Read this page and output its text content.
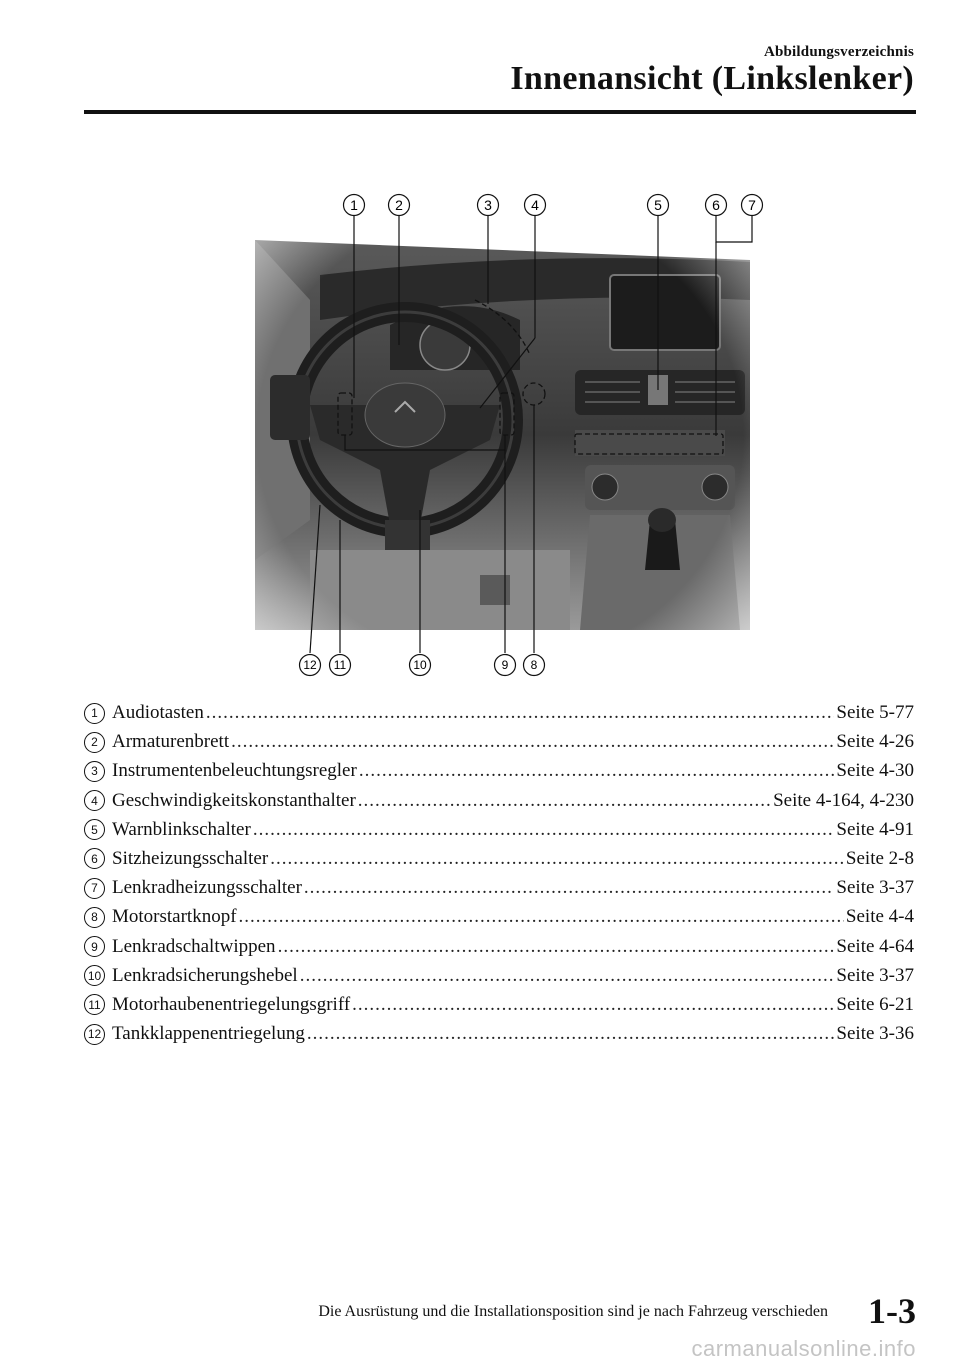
Abbildungsverzeichnis
Innenansicht (Linkslenker)
1	2	3	4	5	6 7
12 11	10	9 8
1 Audiotasten .....	Seite 5-77
2 Armaturenbrett .....	Seite 4-26
3 Instrumentenbeleuchtungsregler .....	Seite 4-30
4 Geschwindigkeitskonstanthalter .....	Seite 4-164, 4-230
5 Warnblinkschalter .....	Seite 4-91
6 Sitzheizungsschalter .....	Seite 2-8
7 Lenkradheizungsschalter .....	Seite 3-37
8 Motorstartknopf .....	Seite 4-4
9 Lenkradschaltwippen .....	Seite 4-64
10 Lenkradsicherungshebel .....	Seite 3-37
11 Motorhaubenentriegelungsgriff .....	Seite 6-21
12 Tankklappenentriegelung .....	Seite 3-36
Die Ausrüstung und die Installationsposition sind je nach Fahrzeug verschieden 1-3
carmanualsonline.info
